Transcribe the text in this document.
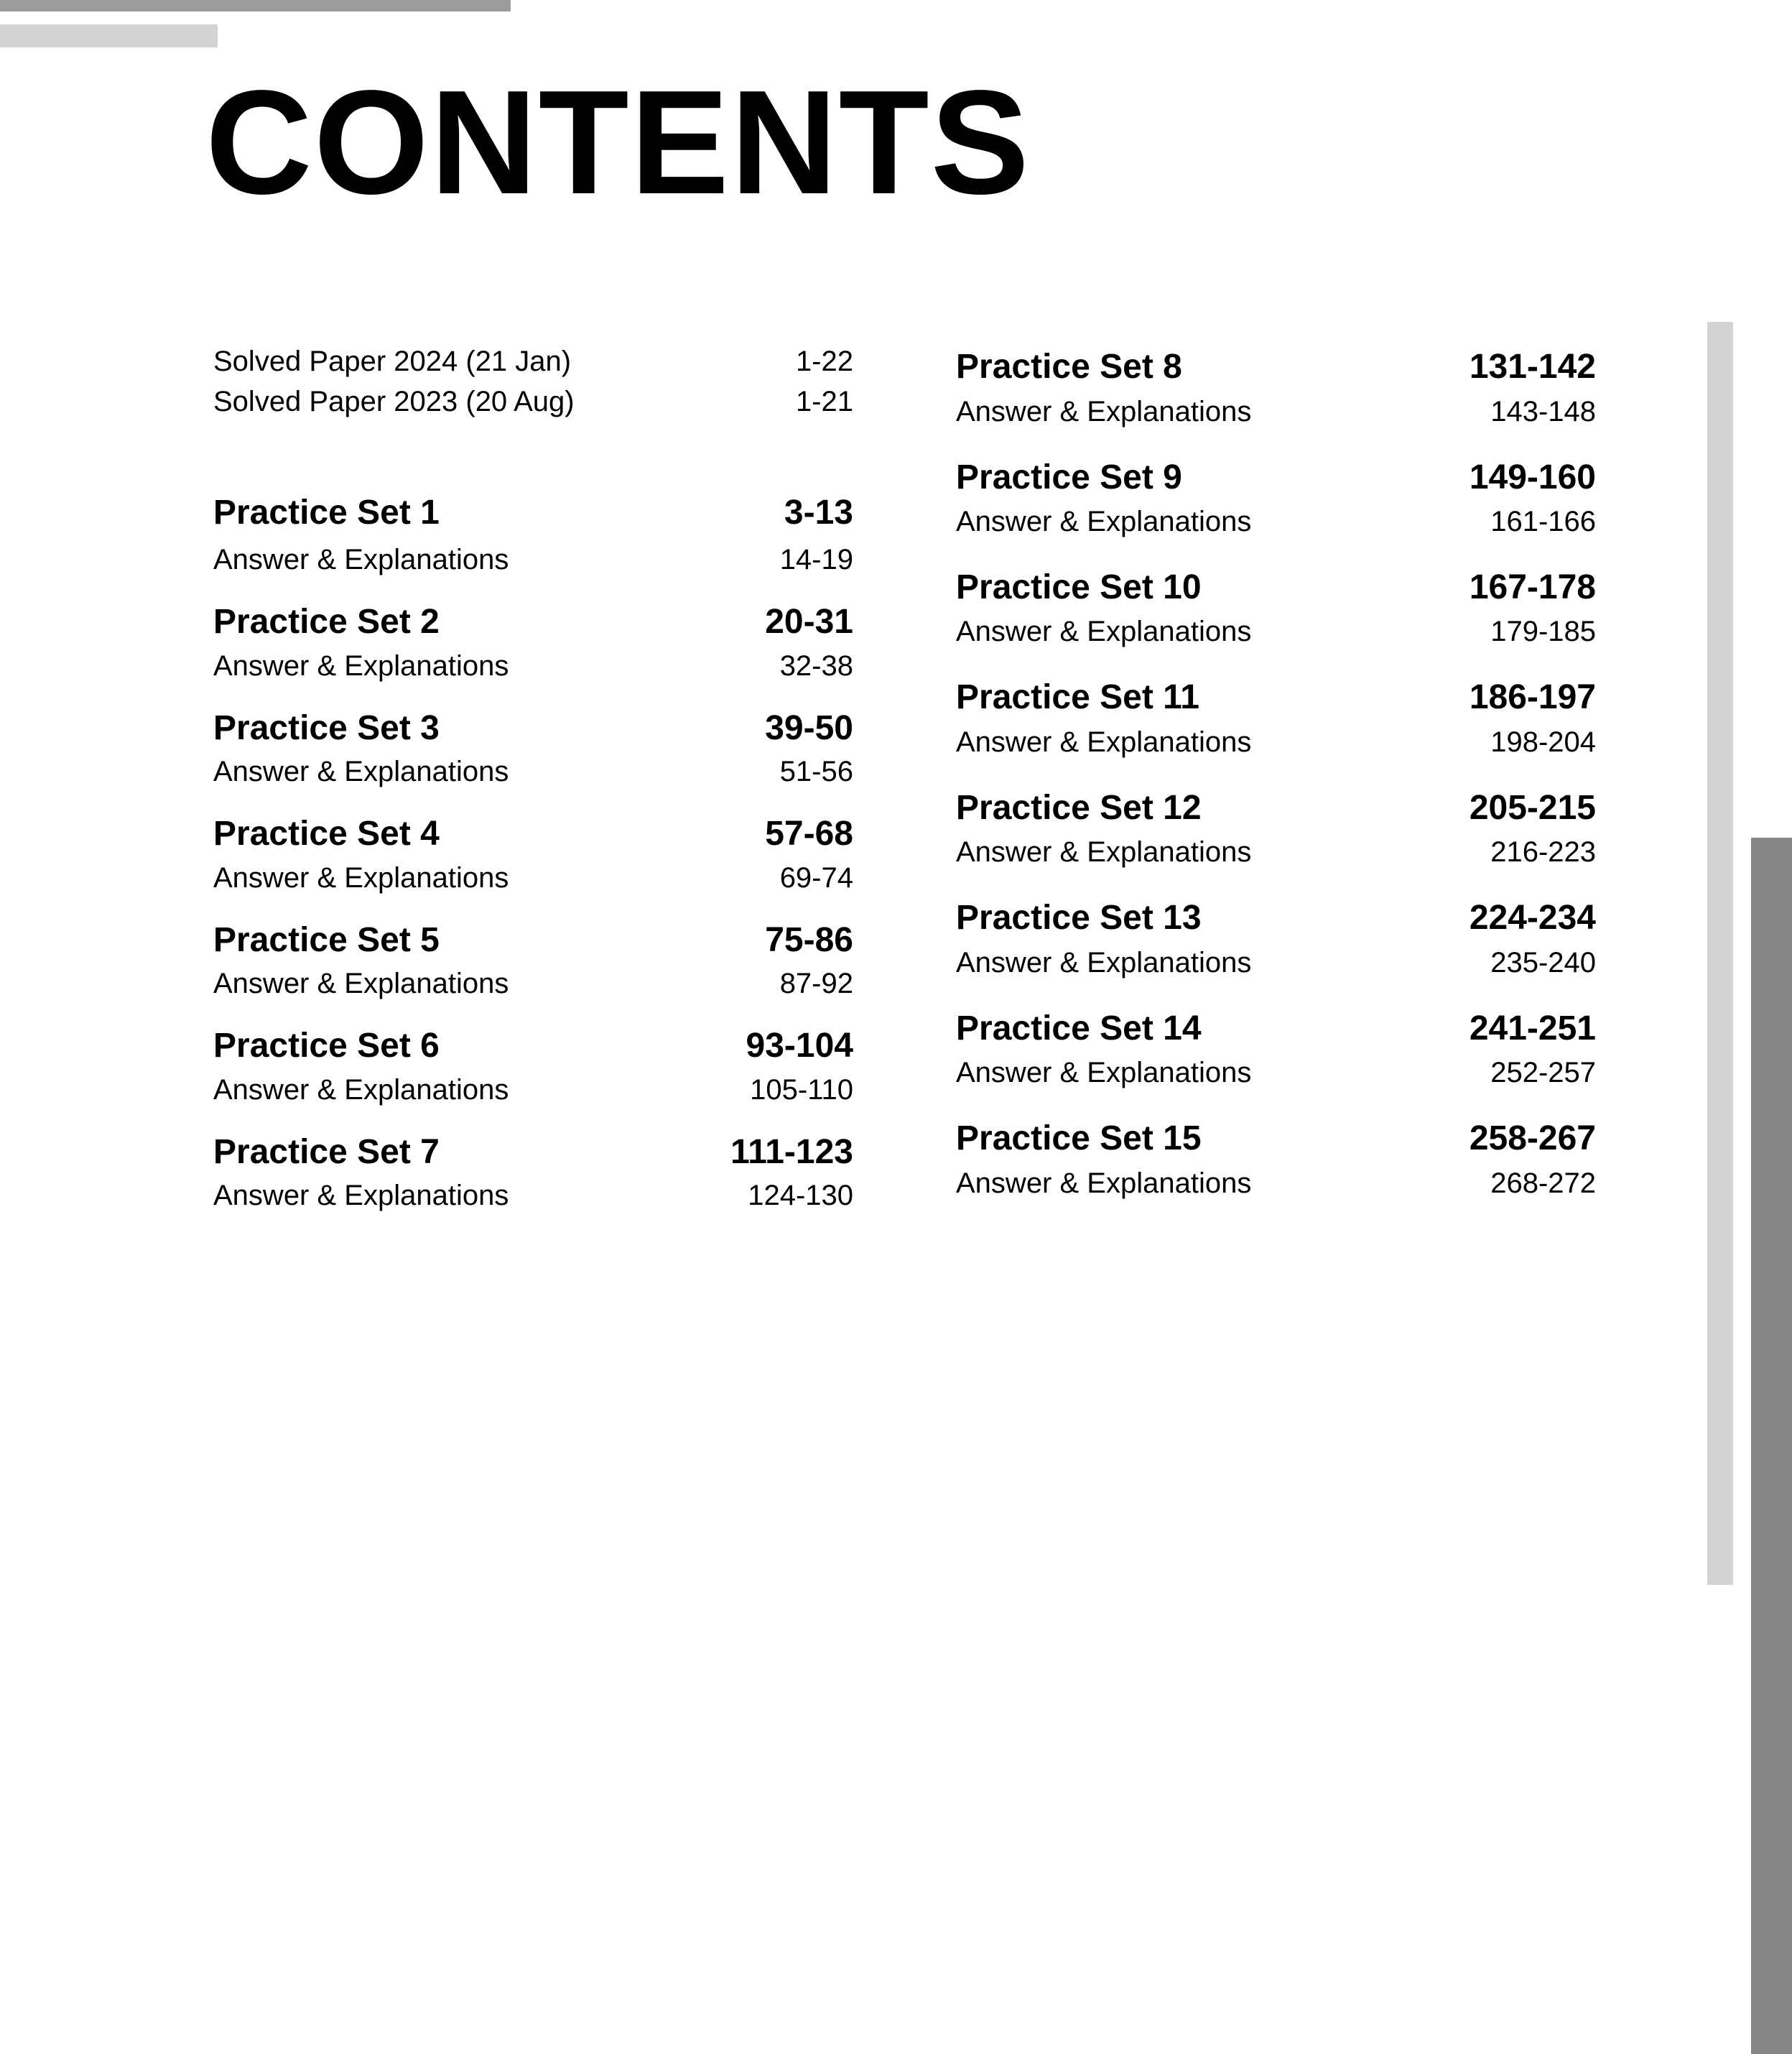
CONTENTS
Solved Paper 2024 (21 Jan)	1-22
Solved Paper 2023 (20 Aug)	1-21
Practice Set 1	3-13
Answer & Explanations	14-19
Practice Set 2	20-31
Answer & Explanations	32-38
Practice Set 3	39-50
Answer & Explanations	51-56
Practice Set 4	57-68
Answer & Explanations	69-74
Practice Set 5	75-86
Answer & Explanations	87-92
Practice Set 6	93-104
Answer & Explanations	105-110
Practice Set 7	111-123
Answer & Explanations	124-130
Practice Set 8	131-142
Answer & Explanations	143-148
Practice Set 9	149-160
Answer & Explanations	161-166
Practice Set 10	167-178
Answer & Explanations	179-185
Practice Set 11	186-197
Answer & Explanations	198-204
Practice Set 12	205-215
Answer & Explanations	216-223
Practice Set 13	224-234
Answer & Explanations	235-240
Practice Set 14	241-251
Answer & Explanations	252-257
Practice Set 15	258-267
Answer & Explanations	268-272
